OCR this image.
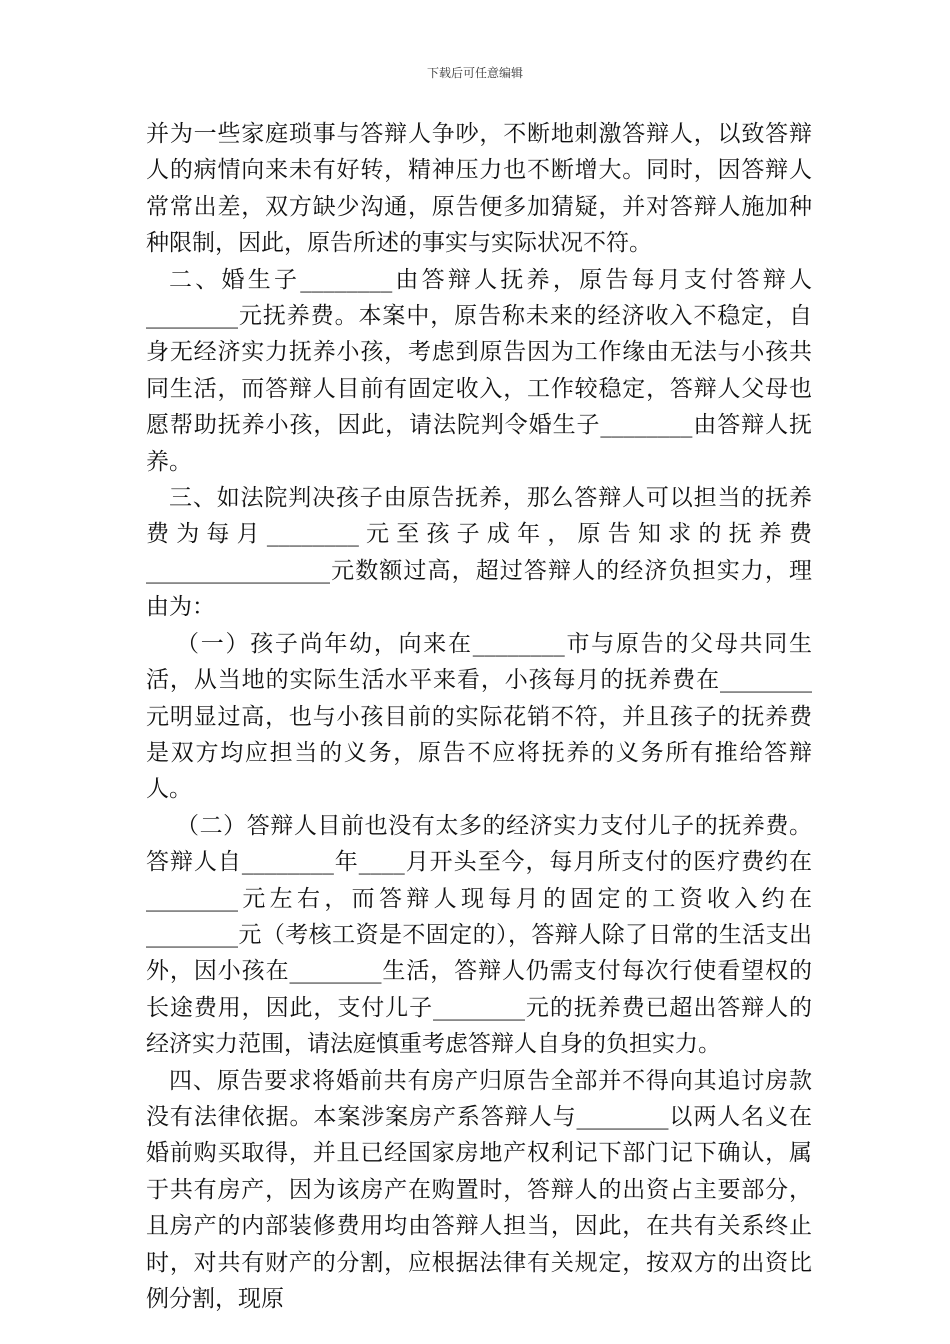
下载后可任意编辑

并为一些家庭琐事与答辩人争吵，不断地刺激答辩人，以致答辩人的病情向来未有好转，精神压力也不断增大。同时，因答辩人常常出差，双方缺少沟通，原告便多加猜疑，并对答辩人施加种种限制，因此，原告所述的事实与实际状况不符。

二、婚生子________由答辩人抚养，原告每月支付答辩人________元抚养费。本案中，原告称未来的经济收入不稳定，自身无经济实力抚养小孩，考虑到原告因为工作缘由无法与小孩共同生活，而答辩人目前有固定收入，工作较稳定，答辩人父母也愿帮助抚养小孩，因此，请法院判令婚生子________由答辩人抚养。

三、如法院判决孩子由原告抚养，那么答辩人可以担当的抚养费为每月________元至孩子成年，原告知求的抚养费________________元数额过高，超过答辩人的经济负担实力，理由为：

（一）孩子尚年幼，向来在________市与原告的父母共同生活，从当地的实际生活水平来看，小孩每月的抚养费在________元明显过高，也与小孩目前的实际花销不符，并且孩子的抚养费是双方均应担当的义务，原告不应将抚养的义务所有推给答辩人。

（二）答辩人目前也没有太多的经济实力支付儿子的抚养费。答辩人自________年____月开头至今，每月所支付的医疗费约在________元左右，而答辩人现每月的固定的工资收入约在________元（考核工资是不固定的），答辩人除了日常的生活支出外，因小孩在________生活，答辩人仍需支付每次行使看望权的长途费用，因此，支付儿子________元的抚养费已超出答辩人的经济实力范围，请法庭慎重考虑答辩人自身的负担实力。

四、原告要求将婚前共有房产归原告全部并不得向其追讨房款没有法律依据。本案涉案房产系答辩人与________以两人名义在婚前购买取得，并且已经国家房地产权利记下部门记下确认，属于共有房产，因为该房产在购置时，答辩人的出资占主要部分，且房产的内部装修费用均由答辩人担当，因此，在共有关系终止时，对共有财产的分割，应根据法律有关规定，按双方的出资比例分割，现原
